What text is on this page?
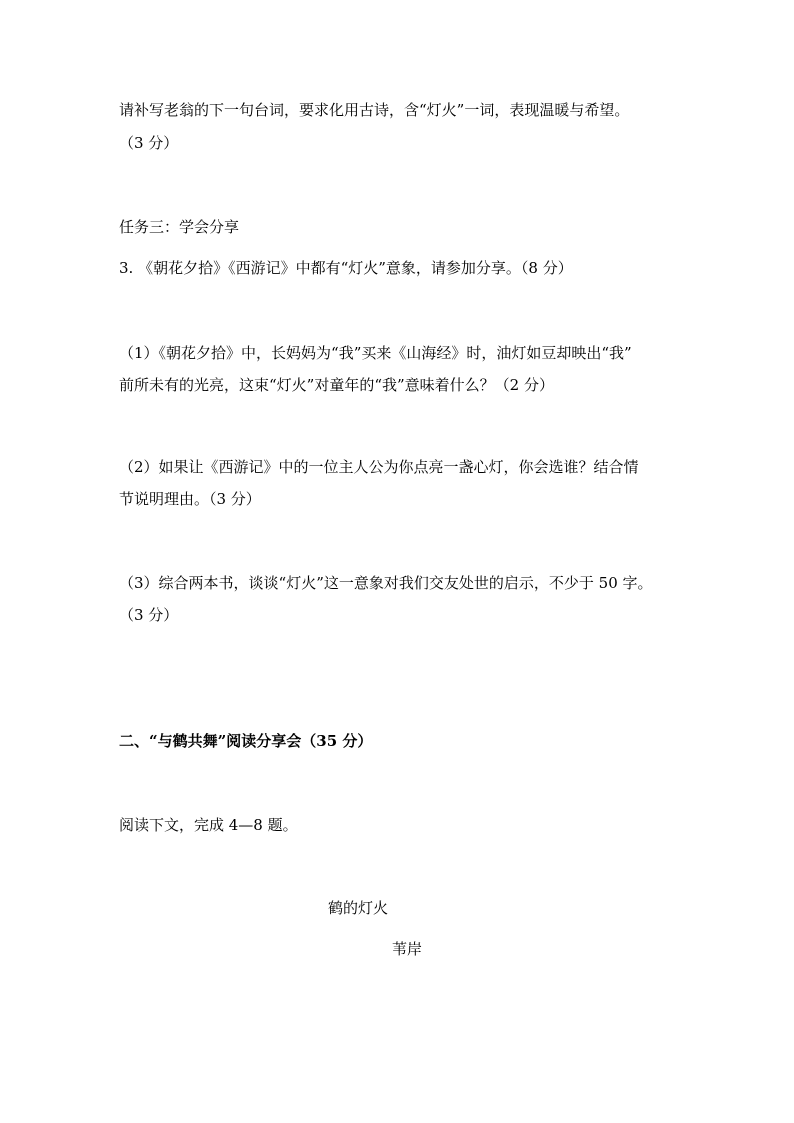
请补写老翁的下一句台词，要求化用古诗，含“灯火”一词，表现温暖与希望。
（3 分）
任务三：学会分享
3. 《朝花夕拾》《西游记》中都有“灯火”意象，请参加分享。（8 分）
（1）《朝花夕拾》中，长妈妈为“我”买来《山海经》时，油灯如豆却映出“我”
前所未有的光亮，这束“灯火”对童年的“我”意味着什么？（2 分）
（2）如果让《西游记》中的一位主人公为你点亮一盏心灯，你会选谁？结合情
节说明理由。（3 分）
（3）综合两本书，谈谈“灯火”这一意象对我们交友处世的启示，不少于 50 字。
（3 分）
二、“与鹤共舞”阅读分享会（35 分）
阅读下文，完成 4—8 题。
鹤的灯火
苇岸
